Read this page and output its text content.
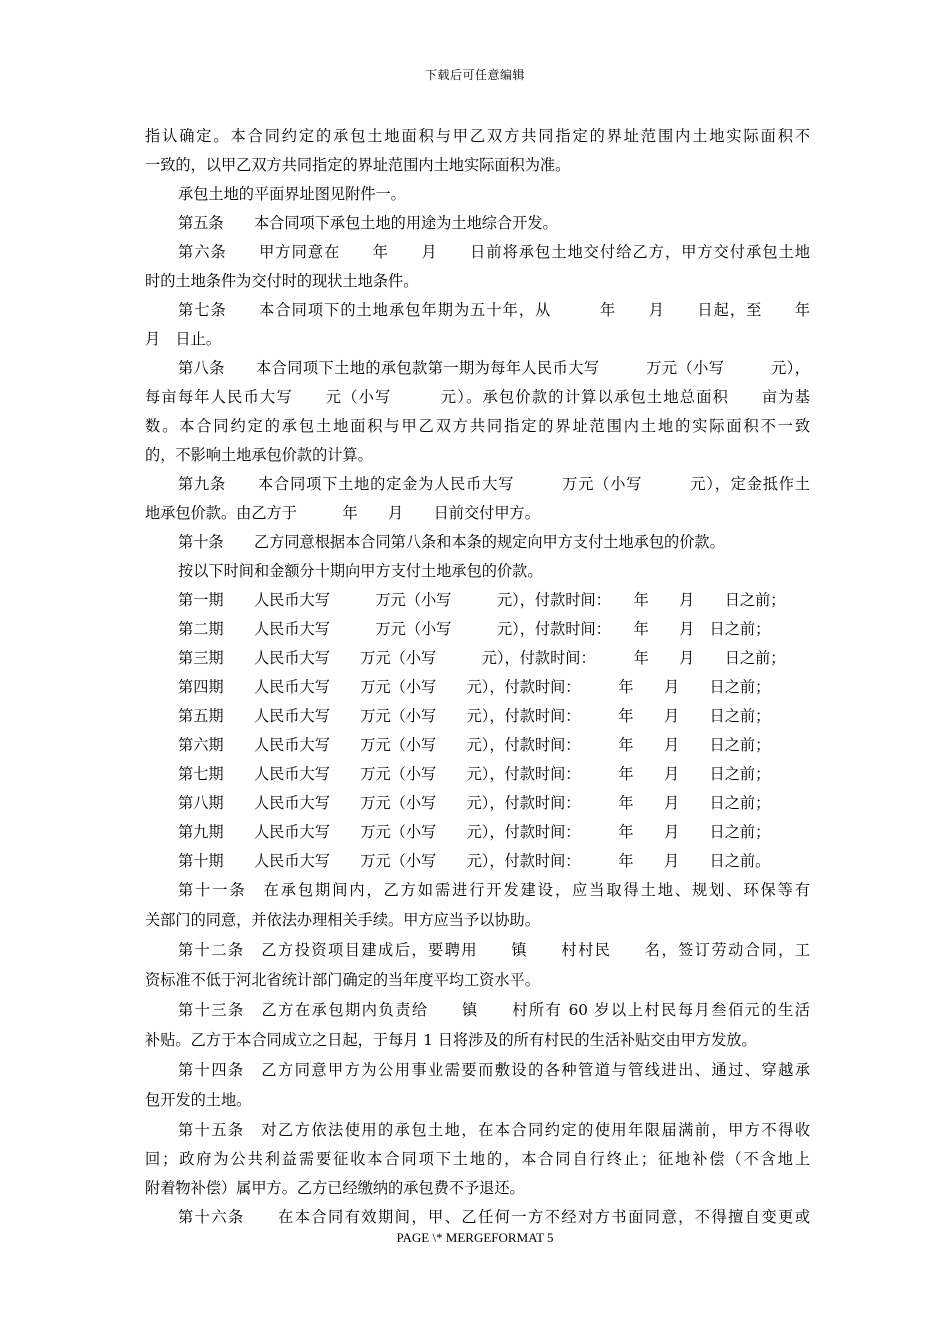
下载后可任意编辑
指认确定。本合同约定的承包土地面积与甲乙双方共同指定的界址范围内土地实际面积不
一致的，以甲乙双方共同指定的界址范围内土地实际面积为准。
承包土地的平面界址图见附件一。
第五条　　本合同项下承包土地的用途为土地综合开发。
第六条　　甲方同意在　　年　　月　　日前将承包土地交付给乙方，甲方交付承包土地
时的土地条件为交付时的现状土地条件。
第七条　　本合同项下的土地承包年期为五十年，从　　　年　　月　　日起，至　　年
月　日止。
第八条　　本合同项下土地的承包款第一期为每年人民币大写　　　万元（小写　　　元），
每亩每年人民币大写　　元（小写　　　元）。承包价款的计算以承包土地总面积　　亩为基
数。本合同约定的承包土地面积与甲乙双方共同指定的界址范围内土地的实际面积不一致
的，不影响土地承包价款的计算。
第九条　　本合同项下土地的定金为人民币大写　　　万元（小写　　　元），定金抵作土
地承包价款。由乙方于　　　年　　月　　日前交付甲方。
第十条　　乙方同意根据本合同第八条和本条的规定向甲方支付土地承包的价款。
按以下时间和金额分十期向甲方支付土地承包的价款。
第一期　　人民币大写　　　万元（小写　　　元），付款时间：　　年　　月　　日之前；
第二期　　人民币大写　　　万元（小写　　　元），付款时间：　　年　　月　日之前；
第三期　　人民币大写　　万元（小写　　　元），付款时间：　　　年　　月　　日之前；
第四期　　人民币大写　　万元（小写　　元），付款时间：　　　年　　月　　日之前；
第五期　　人民币大写　　万元（小写　　元），付款时间：　　　年　　月　　日之前；
第六期　　人民币大写　　万元（小写　　元），付款时间：　　　年　　月　　日之前；
第七期　　人民币大写　　万元（小写　　元），付款时间：　　　年　　月　　日之前；
第八期　　人民币大写　　万元（小写　　元），付款时间：　　　年　　月　　日之前；
第九期　　人民币大写　　万元（小写　　元），付款时间：　　　年　　月　　日之前；
第十期　　人民币大写　　万元（小写　　元），付款时间：　　　年　　月　　日之前。
第十一条　在承包期间内，乙方如需进行开发建设，应当取得土地、规划、环保等有
关部门的同意，并依法办理相关手续。甲方应当予以协助。
第十二条　乙方投资项目建成后，要聘用　　镇　　村村民　　名，签订劳动合同，工
资标准不低于河北省统计部门确定的当年度平均工资水平。
第十三条　乙方在承包期内负责给　　镇　　村所有 60 岁以上村民每月叁佰元的生活
补贴。乙方于本合同成立之日起，于每月 1 日将涉及的所有村民的生活补贴交由甲方发放。
第十四条　乙方同意甲方为公用事业需要而敷设的各种管道与管线进出、通过、穿越承
包开发的土地。
第十五条　对乙方依法使用的承包土地，在本合同约定的使用年限届满前，甲方不得收
回；政府为公共利益需要征收本合同项下土地的，本合同自行终止；征地补偿（不含地上
附着物补偿）属甲方。乙方已经缴纳的承包费不予退还。
第十六条　　在本合同有效期间，甲、乙任何一方不经对方书面同意，不得擅自变更或
PAGE \* MERGEFORMAT 5
